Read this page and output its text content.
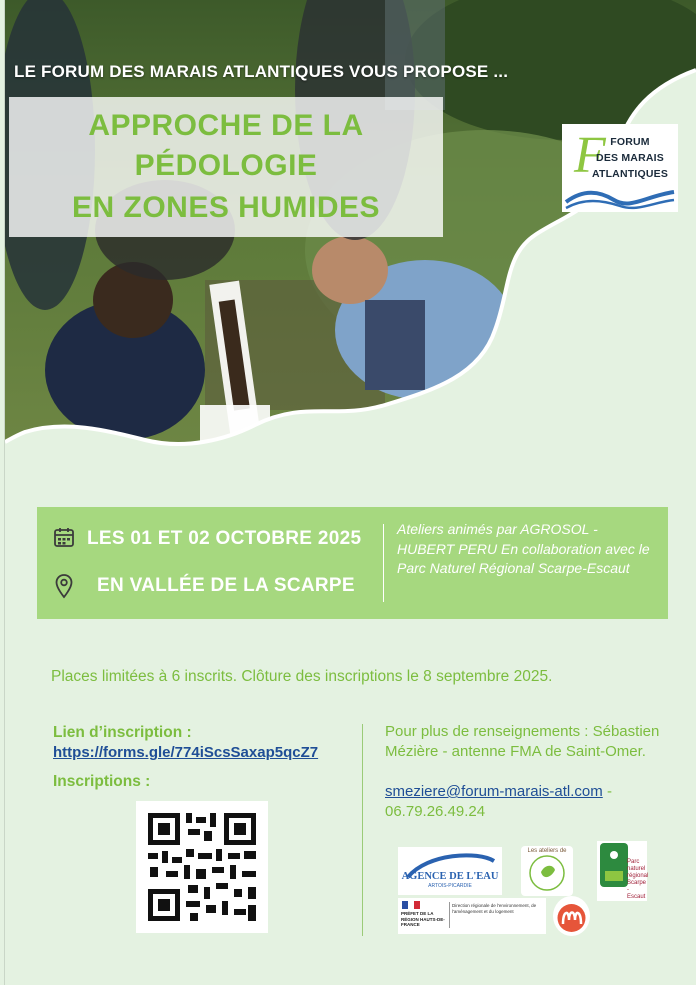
LE FORUM DES MARAIS ATLANTIQUES VOUS PROPOSE ...
APPROCHE DE LA
PÉDOLOGIE
EN ZONES HUMIDES
F FORUM
DES MARAIS
ATLANTIQUES
LES 01 ET 02 OCTOBRE 2025
EN VALLÉE DE LA SCARPE
Ateliers animés par AGROSOL - HUBERT PERU En collaboration avec le Parc Naturel Régional Scarpe-Escaut
Places limitées à 6 inscrits. Clôture des inscriptions le 8 septembre 2025.
Lien d’inscription :
https://forms.gle/774iScsSaxap5qcZ7
Inscriptions :
Pour plus de renseignements : Sébastien Mézière - antenne FMA de Saint-Omer.
smeziere@forum-marais-atl.com -
06.79.26.49.24
AGENCE DE L'EAU
ARTOIS-PICARDIE
Les ateliers de
Parc naturel régional Scarpe - Escaut
PRÉFET DE LA RÉGION HAUTS-DE-FRANCE
Direction régionale de l'environnement, de l'aménagement et du logement
